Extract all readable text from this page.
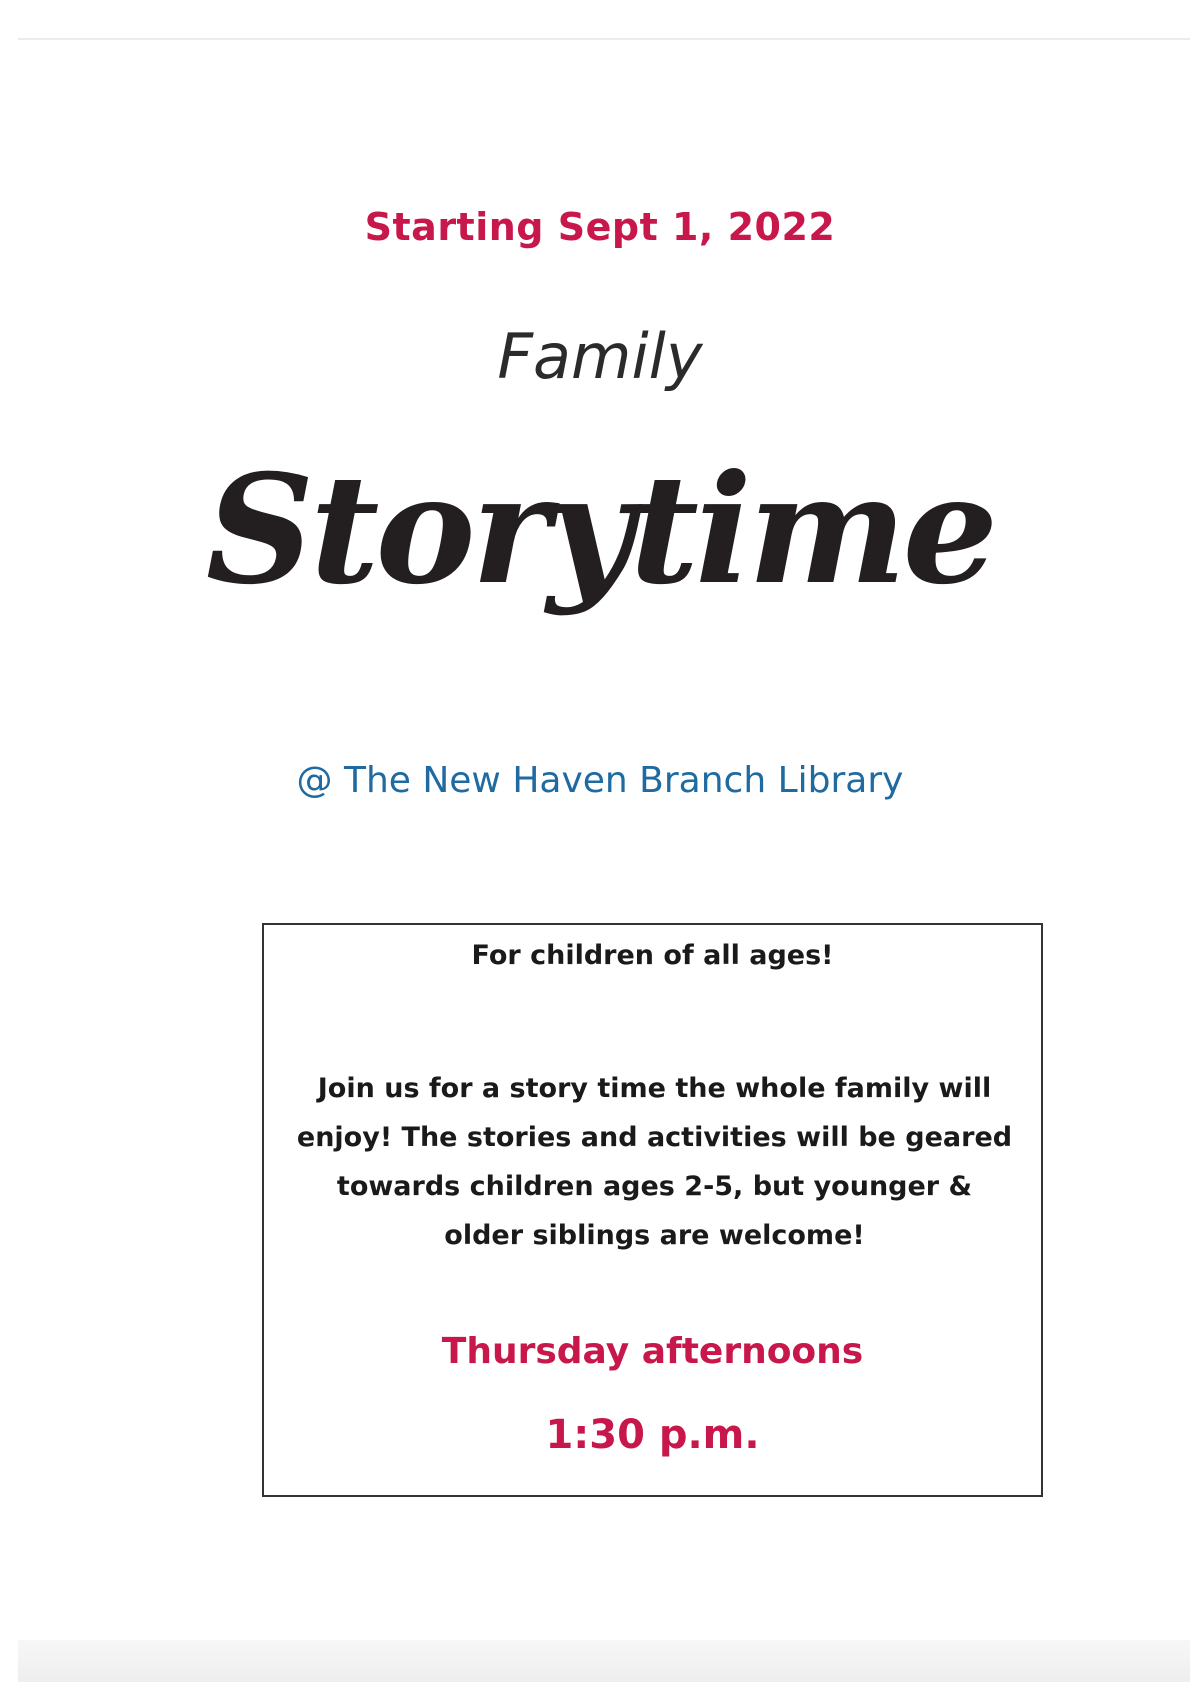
Starting Sept 1, 2022
Family
Storytime
@ The New Haven Branch Library
For children of all ages!
Join us for a story time the whole family will enjoy! The stories and activities will be geared towards children ages 2-5, but younger & older siblings are welcome!
Thursday afternoons
1:30 p.m.
